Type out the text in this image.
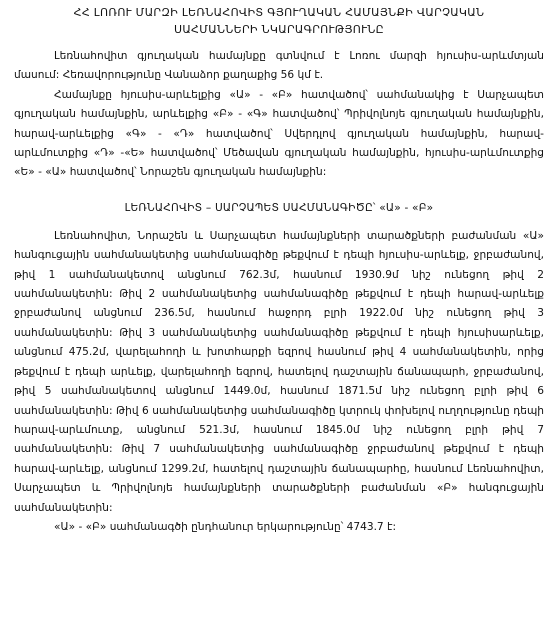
ՀՀ ԼՈՌՈՒ ՄԱՐԶԻ ԼԵՌՆԱՀՈՎԻՏ ԳՅՈՒՂԱԿԱՆ ՀԱՄԱՅՆՔԻ ՎԱՐՉԱԿԱՆ
ՍԱՀՄԱՆՆԵՐԻ ՆԿԱՐԱԳՐՈՒԹՅՈՒՆԸ

Լեռնահովիտ գյուղական համայնքը գտնվում է Լոռու մարզի հյուսիս-արևմտյան մասում: Հեռավորությունը Վանաձոր քաղաքից 56 կմ է.

Համայնքը հյուսիս-արևելքից «Ա» - «Բ» հատվածով՝ սահմանակից է Սարչապետ գյուղական համայնքին, արևելքից «Բ» - «Գ» հատվածով՝ Պրիվոլնոյե գյուղական համայնքին, հարավ-արևելքից «Գ» - «Դ» հատվածով՝ Սվերդլով գյուղական համայնքին, հարավ-արևմուտքից «Դ» -«Ե» հատվածով՝ Մեծավան գյուղական համայնքին, հյուսիս-արևմուտքից «Ե» - «Ա» հատվածով՝ Նորաշեն գյուղական համայնքին:

ԼԵՌՆԱՀՈՎԻՏ – ՍԱՐՉԱՊԵՏ ՍԱՀՄԱՆԱԳԻԾԸ՝ «Ա» - «Բ»

Լեռնահովիտ, Նորաշեն և Սարչապետ համայնքների տարածքների բաժանման «Ա» հանգուցային սահմանակետից սահմանագիծը թեքվում է դեպի հյուսիս-արևելք, ջրբաժանով, թիվ 1 սահմանակետով անցնում 762.3մ, հասնում 1930.9մ նիշ ունեցող թիվ 2 սահմանակետին: Թիվ 2 սահմանակետից սահմանագիծը թեքվում է դեպի հարավ-արևելք ջրբաժանով անցնում 236.5մ, հասնում հաջորդ բլրի 1922.0մ նիշ ունեցող թիվ 3 սահմանակետին: Թիվ 3 սահմանակետից սահմանագիծը թեքվում է դեպի հյուսիսարևելք, անցնում 475.2մ, վարելահողի և խոտհարքի եզրով հասնում թիվ 4 սահմանակետին, որից թեքվում է դեպի արևելք, վարելահողի եզրով, հատելով դաշտային ճանապարհ, ջրբաժանով, թիվ 5 սահմանակետով անցնում 1449.0մ, հասնում 1871.5մ նիշ ունեցող բլրի թիվ 6 սահմանակետին: Թիվ 6 սահմանակետից սահմանագիծը կտրուկ փոխելով ուղղությունը դեպի հարավ-արևմուտք, անցնում 521.3մ, հասնում 1845.0մ նիշ ունեցող բլրի թիվ 7 սահմանակետին: Թիվ 7 սահմանակետից սահմանագիծը ջրբաժանով թեքվում է դեպի հարավ-արևելք, անցնում 1299.2մ, հատելով դաշտային ճանապարհը, հասնում Լեռնահովիտ, Սարչապետ և Պրիվոլնոյե համայնքների տարածքների բաժանման «Բ» հանգուցային սահմանակետին:

«Ա» - «Բ» սահմանագծի ընդհանուր երկարությունը՝ 4743.7 է:
